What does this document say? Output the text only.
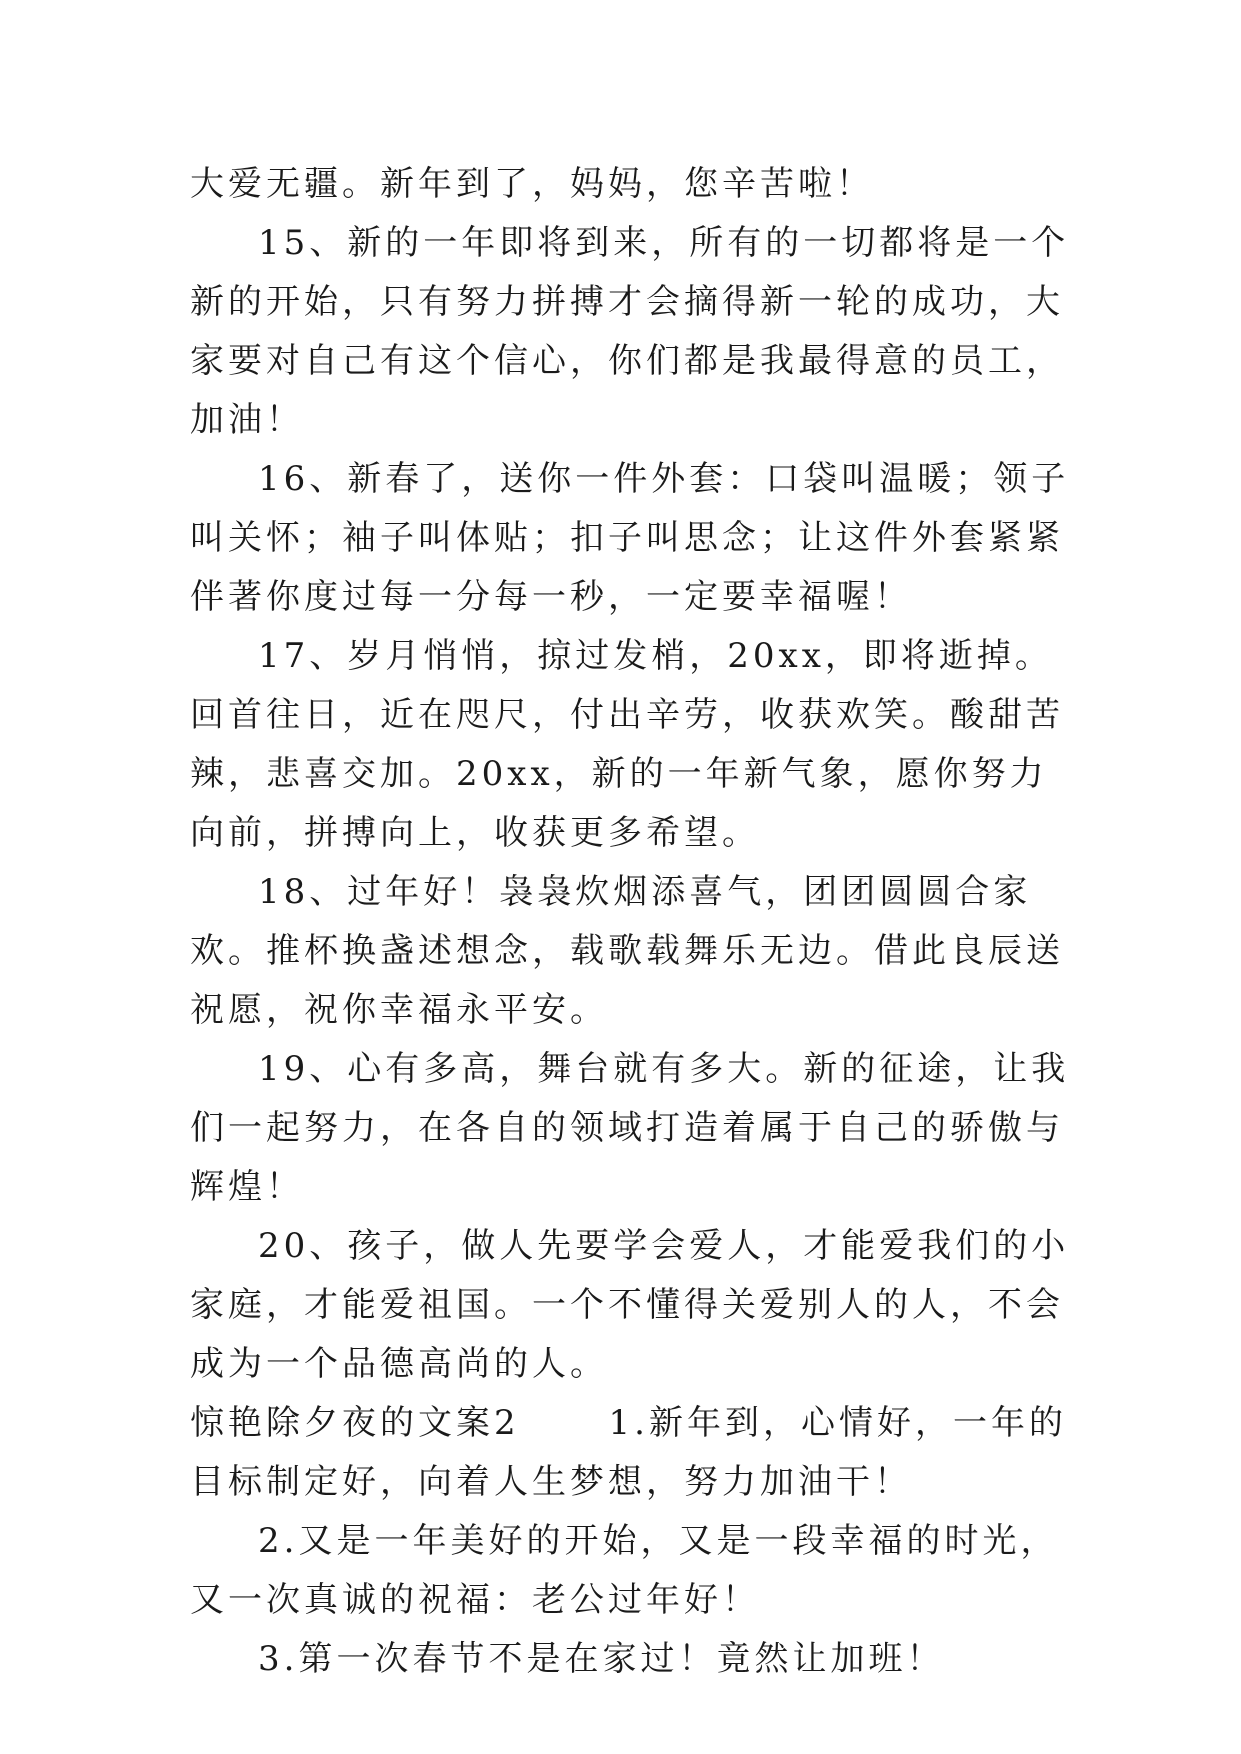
大爱无疆。新年到了，妈妈，您辛苦啦！

15、新的一年即将到来，所有的一切都将是一个新的开始，只有努力拼搏才会摘得新一轮的成功，大家要对自己有这个信心，你们都是我最得意的员工，加油！

16、新春了，送你一件外套：口袋叫温暖；领子叫关怀；袖子叫体贴；扣子叫思念；让这件外套紧紧伴著你度过每一分每一秒，一定要幸福喔！

17、岁月悄悄，掠过发梢，20xx，即将逝掉。回首往日，近在咫尺，付出辛劳，收获欢笑。酸甜苦辣，悲喜交加。20xx，新的一年新气象，愿你努力向前，拼搏向上，收获更多希望。

18、过年好！袅袅炊烟添喜气，团团圆圆合家欢。推杯换盏述想念，载歌载舞乐无边。借此良辰送祝愿，祝你幸福永平安。

19、心有多高，舞台就有多大。新的征途，让我们一起努力，在各自的领域打造着属于自己的骄傲与辉煌！

20、孩子，做人先要学会爱人，才能爱我们的小家庭，才能爱祖国。一个不懂得关爱别人的人，不会成为一个品德高尚的人。

惊艳除夕夜的文案2	1.新年到，心情好，一年的目标制定好，向着人生梦想，努力加油干！

2.又是一年美好的开始，又是一段幸福的时光，又一次真诚的祝福：老公过年好！

3.第一次春节不是在家过！竟然让加班！
